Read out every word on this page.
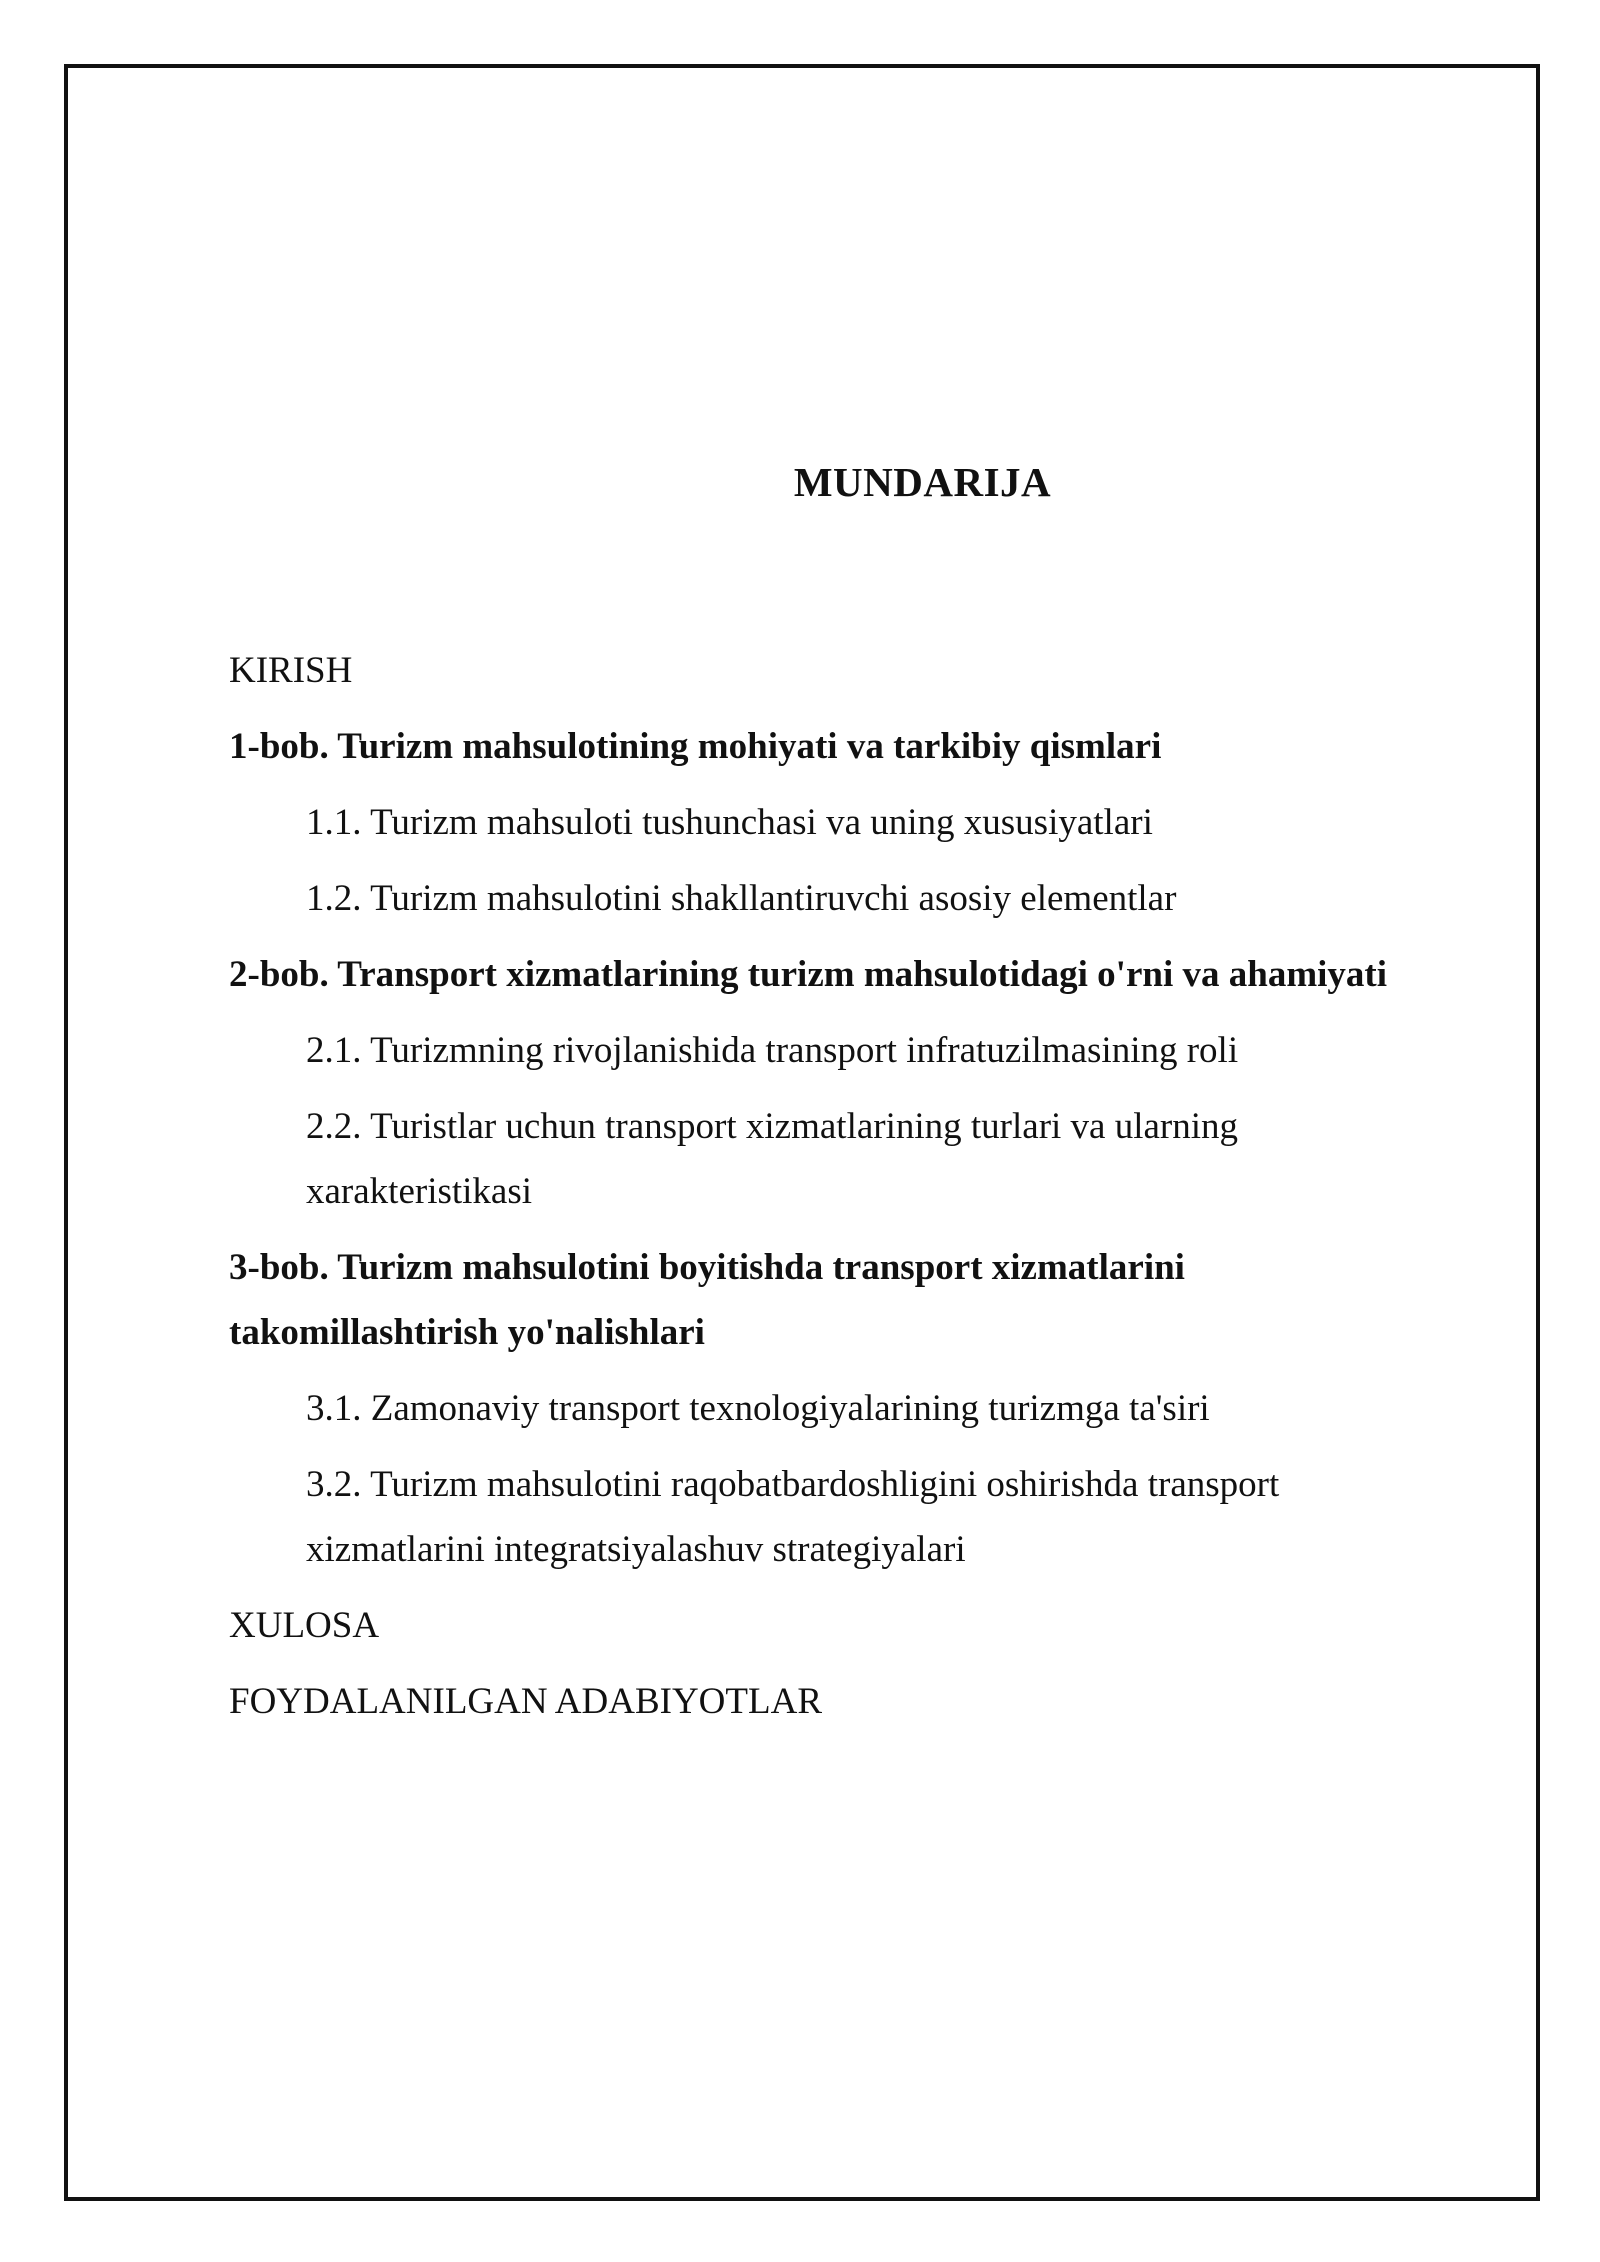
MUNDARIJA
KIRISH
1-bob. Turizm mahsulotining mohiyati va tarkibiy qismlari
1.1. Turizm mahsuloti tushunchasi va uning xususiyatlari
1.2. Turizm mahsulotini shakllantiruvchi asosiy elementlar
2-bob. Transport xizmatlarining turizm mahsulotidagi o'rni va ahamiyati
2.1. Turizmning rivojlanishida transport infratuzilmasining roli
2.2. Turistlar uchun transport xizmatlarining turlari va ularning xarakteristikasi
3-bob. Turizm mahsulotini boyitishda transport xizmatlarini takomillashtirish yo'nalishlari
3.1. Zamonaviy transport texnologiyalarining turizmga ta'siri
3.2. Turizm mahsulotini raqobatbardoshligini oshirishda transport xizmatlarini integratsiyalashuv strategiyalari
XULOSA
FOYDALANILGAN ADABIYOTLAR
